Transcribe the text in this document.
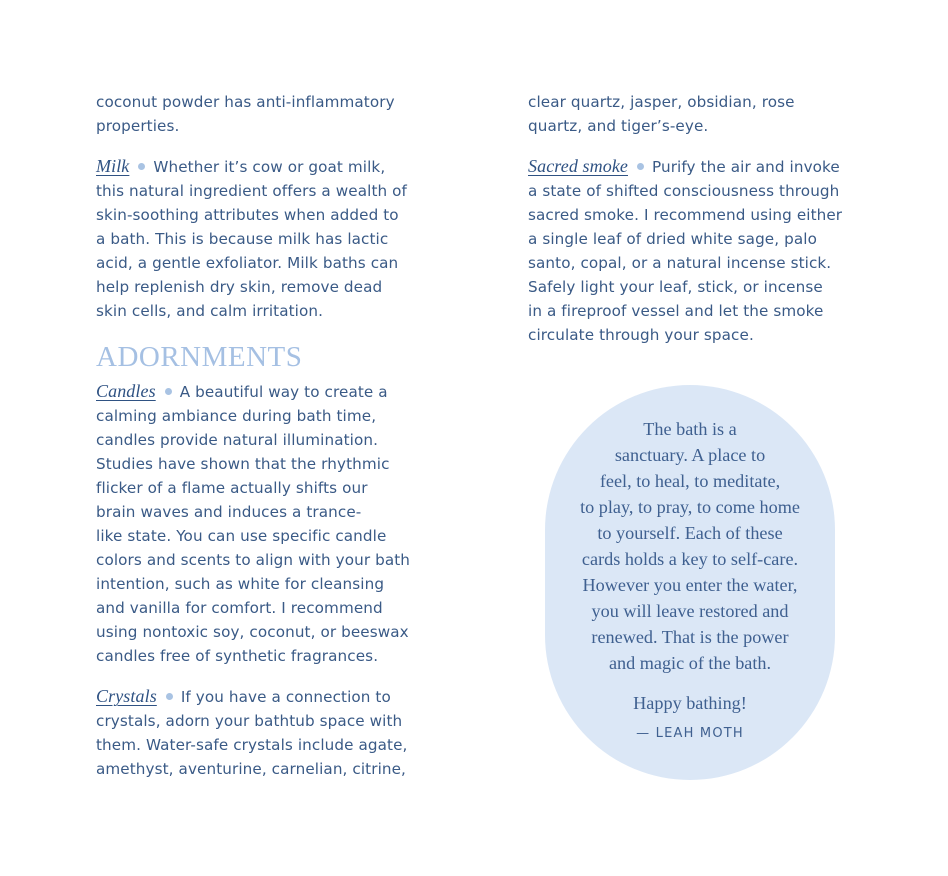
coconut powder has anti-inflammatory
properties.

Milk Whether it’s cow or goat milk,
this natural ingredient offers a wealth of
skin-soothing attributes when added to
a bath. This is because milk has lactic
acid, a gentle exfoliator. Milk baths can
help replenish dry skin, remove dead
skin cells, and calm irritation.

ADORNMENTS

Candles A beautiful way to create a
calming ambiance during bath time,
candles provide natural illumination.
Studies have shown that the rhythmic
flicker of a flame actually shifts our
brain waves and induces a trance-
like state. You can use specific candle
colors and scents to align with your bath
intention, such as white for cleansing
and vanilla for comfort. I recommend
using nontoxic soy, coconut, or beeswax
candles free of synthetic fragrances.

Crystals If you have a connection to
crystals, adorn your bathtub space with
them. Water-safe crystals include agate,
amethyst, aventurine, carnelian, citrine,

clear quartz, jasper, obsidian, rose
quartz, and tiger’s-eye.

Sacred smoke Purify the air and invoke
a state of shifted consciousness through
sacred smoke. I recommend using either
a single leaf of dried white sage, palo
santo, copal, or a natural incense stick.
Safely light your leaf, stick, or incense
in a fireproof vessel and let the smoke
circulate through your space.

The bath is a
sanctuary. A place to
feel, to heal, to meditate,
to play, to pray, to come home
to yourself. Each of these
cards holds a key to self-care.
However you enter the water,
you will leave restored and
renewed. That is the power
and magic of the bath.
Happy bathing!
— LEAH MOTH
